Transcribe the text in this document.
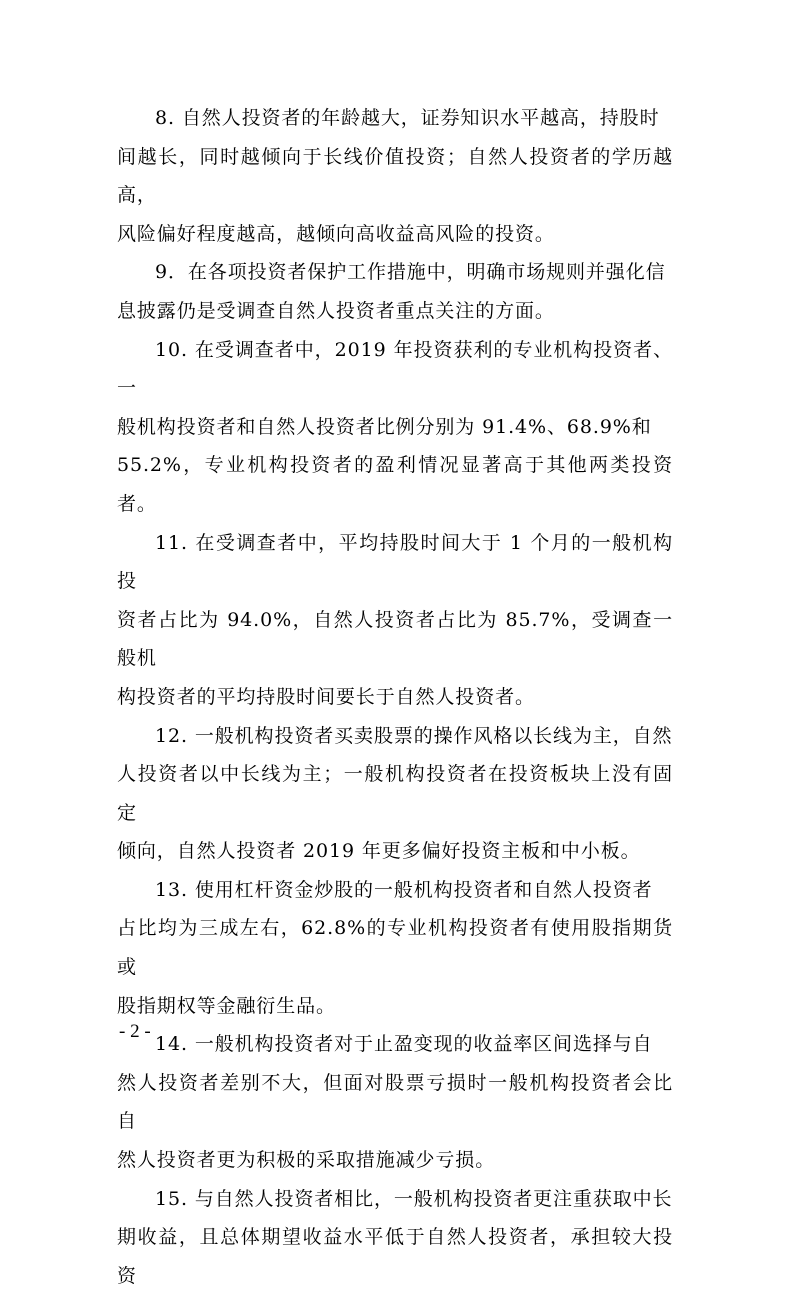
8. 自然人投资者的年龄越大，证券知识水平越高，持股时
间越长，同时越倾向于长线价值投资；自然人投资者的学历越高，
风险偏好程度越高，越倾向高收益高风险的投资。

9．在各项投资者保护工作措施中，明确市场规则并强化信
息披露仍是受调查自然人投资者重点关注的方面。

10. 在受调查者中，2019 年投资获利的专业机构投资者、一
般机构投资者和自然人投资者比例分别为 91.4%、68.9%和
55.2%，专业机构投资者的盈利情况显著高于其他两类投资者。

11. 在受调查者中，平均持股时间大于 1 个月的一般机构投
资者占比为 94.0%，自然人投资者占比为 85.7%，受调查一般机
构投资者的平均持股时间要长于自然人投资者。

12. 一般机构投资者买卖股票的操作风格以长线为主，自然
人投资者以中长线为主；一般机构投资者在投资板块上没有固定
倾向，自然人投资者 2019 年更多偏好投资主板和中小板。

13. 使用杠杆资金炒股的一般机构投资者和自然人投资者
占比均为三成左右，62.8%的专业机构投资者有使用股指期货或
股指期权等金融衍生品。

14. 一般机构投资者对于止盈变现的收益率区间选择与自
然人投资者差别不大，但面对股票亏损时一般机构投资者会比自
然人投资者更为积极的采取措施减少亏损。

15. 与自然人投资者相比，一般机构投资者更注重获取中长
期收益，且总体期望收益水平低于自然人投资者，承担较大投资

- 2 -
